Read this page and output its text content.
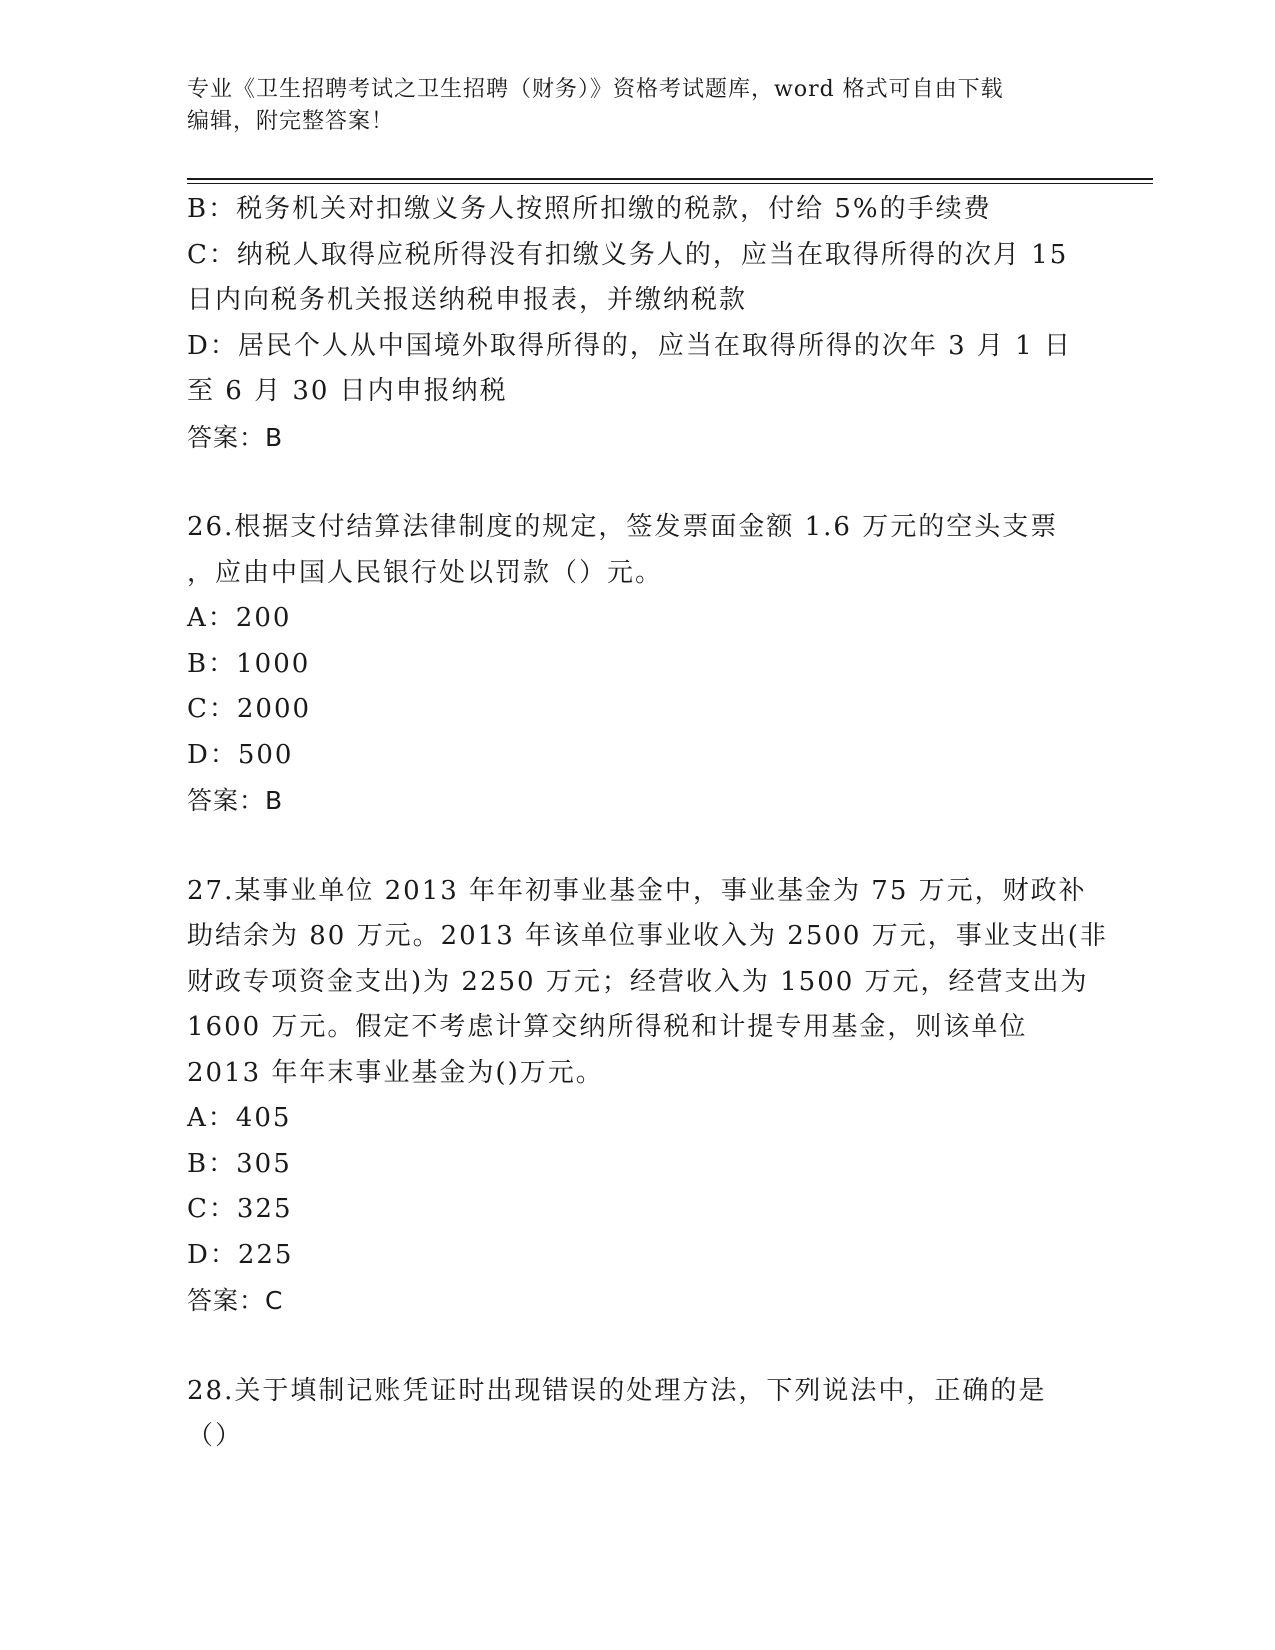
专业《卫生招聘考试之卫生招聘（财务）》资格考试题库，word 格式可自由下载
编辑，附完整答案！
B：税务机关对扣缴义务人按照所扣缴的税款，付给 5%的手续费
C：纳税人取得应税所得没有扣缴义务人的，应当在取得所得的次月 15
日内向税务机关报送纳税申报表，并缴纳税款
D：居民个人从中国境外取得所得的，应当在取得所得的次年 3 月 1 日
至 6 月 30 日内申报纳税
答案：B
26.根据支付结算法律制度的规定，签发票面金额 1.6 万元的空头支票
，应由中国人民银行处以罚款（）元。
A：200
B：1000
C：2000
D：500
答案：B
27.某事业单位 2013 年年初事业基金中，事业基金为 75 万元，财政补
助结余为 80 万元。2013 年该单位事业收入为 2500 万元，事业支出(非
财政专项资金支出)为 2250 万元；经营收入为 1500 万元，经营支出为
1600 万元。假定不考虑计算交纳所得税和计提专用基金，则该单位
2013 年年末事业基金为()万元。
A：405
B：305
C：325
D：225
答案：C
28.关于填制记账凭证时出现错误的处理方法，下列说法中，正确的是
（）
